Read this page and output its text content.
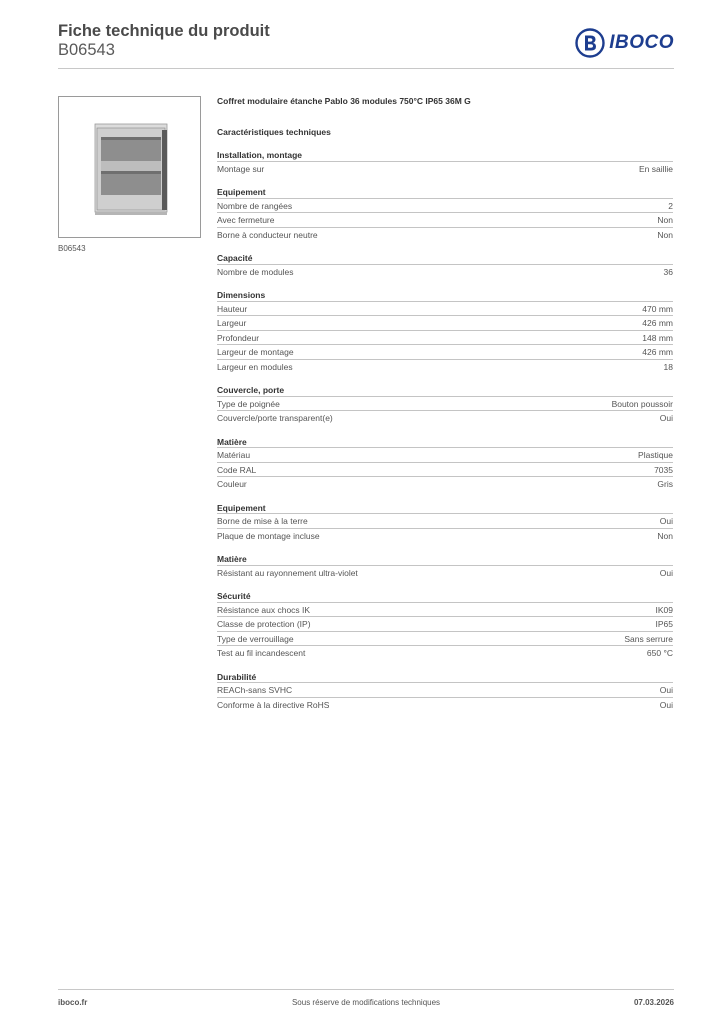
Fiche technique du produit
B06543	IBOCO
B06543
Coffret modulaire étanche Pablo 36 modules 750°C IP65 36M G
Caractéristiques techniques
Installation, montage
Montage sur	En saillie
Equipement
Nombre de rangées	2
Avec fermeture	Non
Borne à conducteur neutre	Non
Capacité
Nombre de modules	36
Dimensions
Hauteur	470 mm
Largeur	426 mm
Profondeur	148 mm
Largeur de montage	426 mm
Largeur en modules	18
Couvercle, porte
Type de poignée	Bouton poussoir
Couvercle/porte transparent(e)	Oui
Matière
Matériau	Plastique
Code RAL	7035
Couleur	Gris
Equipement
Borne de mise à la terre	Oui
Plaque de montage incluse	Non
Matière
Résistant au rayonnement ultra-violet	Oui
Sécurité
Résistance aux chocs IK	IK09
Classe de protection (IP)	IP65
Type de verrouillage	Sans serrure
Test au fil incandescent	650 °C
Durabilité
REACh-sans SVHC	Oui
Conforme à la directive RoHS	Oui
iboco.fr	Sous réserve de modifications techniques	07.03.2026
